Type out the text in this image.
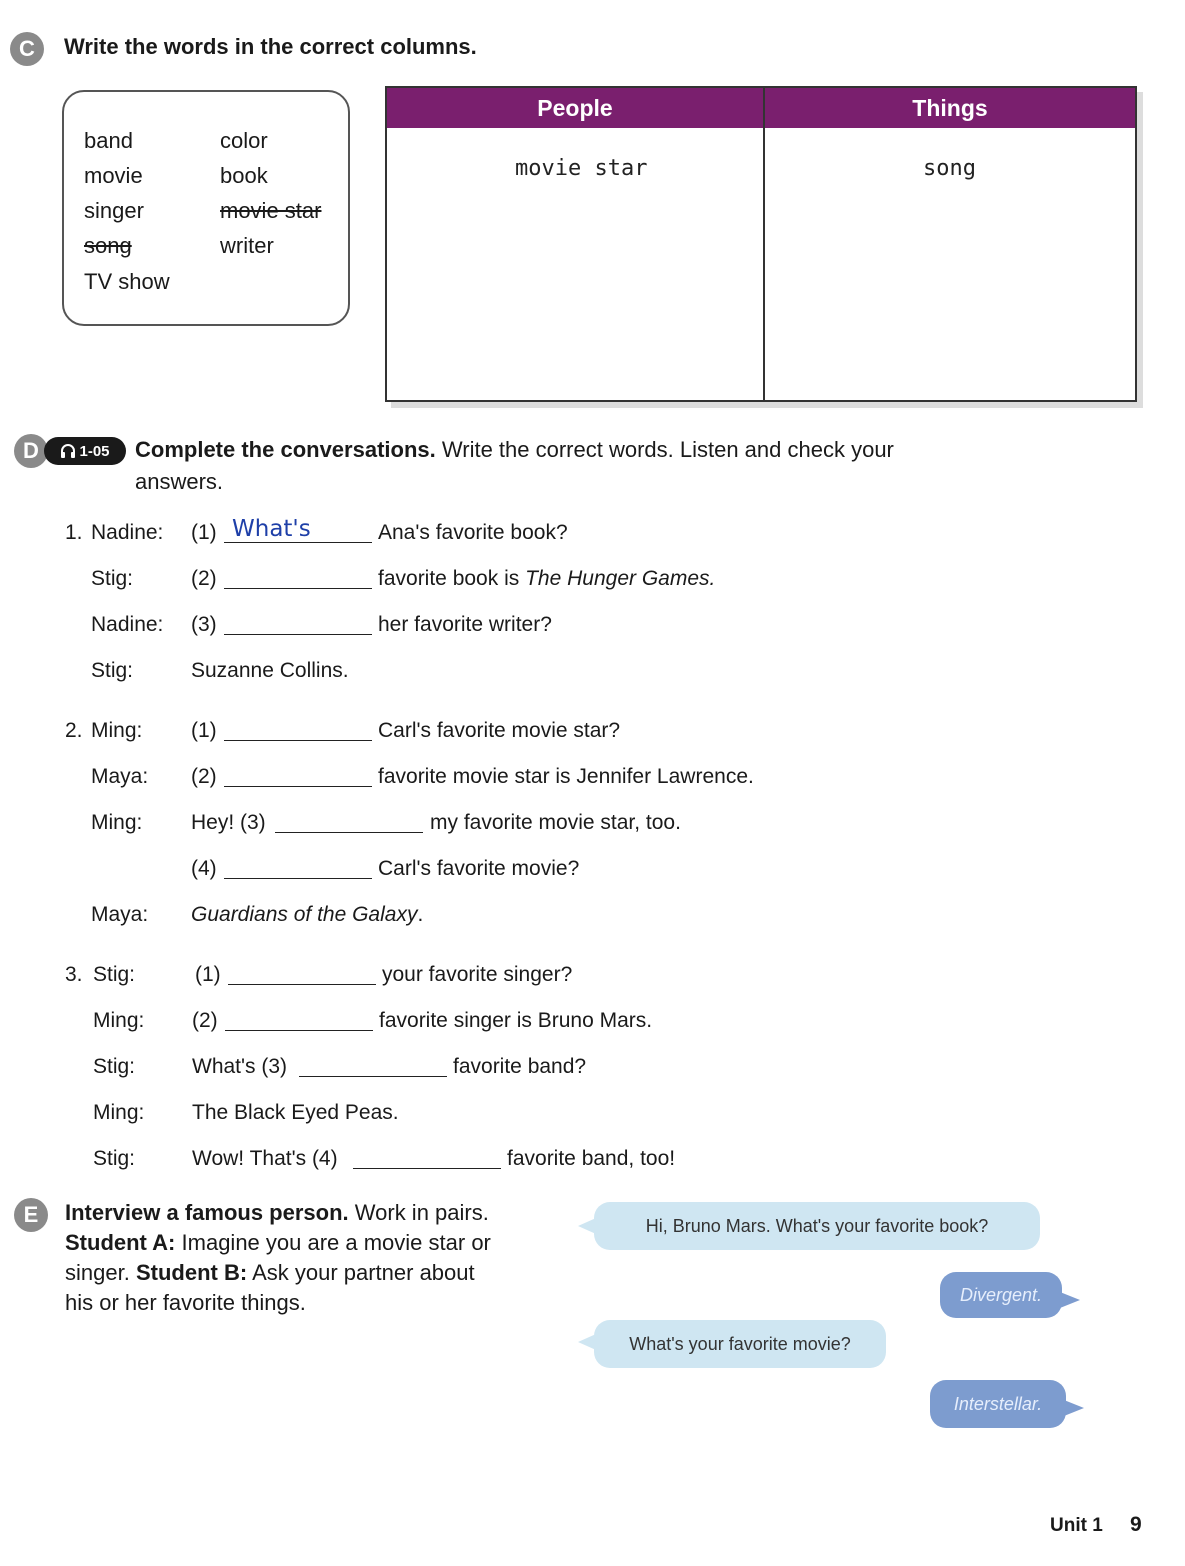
C	Write the words in the correct columns.
band
movie
singer
song
TV show
color
book
movie star
writer
People	Things
movie star	song
D	1-05 Complete the conversations. Write the correct words. Listen and check your
answers.
1. Nadine: (1) What's	Ana's favorite book?
Stig:	(2)	favorite book is The Hunger Games.
Nadine: (3)	her favorite writer?
Stig:	Suzanne Collins.
2. Ming: (1)	Carl's favorite movie star?
Maya: (2)	favorite movie star is Jennifer Lawrence.
Ming: Hey! (3)	my favorite movie star, too.
(4)	Carl's favorite movie?
Maya: Guardians of the Galaxy.
3. Stig:	(1)	your favorite singer?
Ming: (2)	favorite singer is Bruno Mars.
Stig:	What's (3)	favorite band?
Ming: The Black Eyed Peas.
Stig:	Wow! That's (4)	favorite band, too!
E	Interview a famous person. Work in pairs.
Student A: Imagine you are a movie star or
singer. Student B: Ask your partner about
his or her favorite things.
Hi, Bruno Mars. What's your favorite book?
Divergent.
What's your favorite movie?
Interstellar.
Unit 1 9
